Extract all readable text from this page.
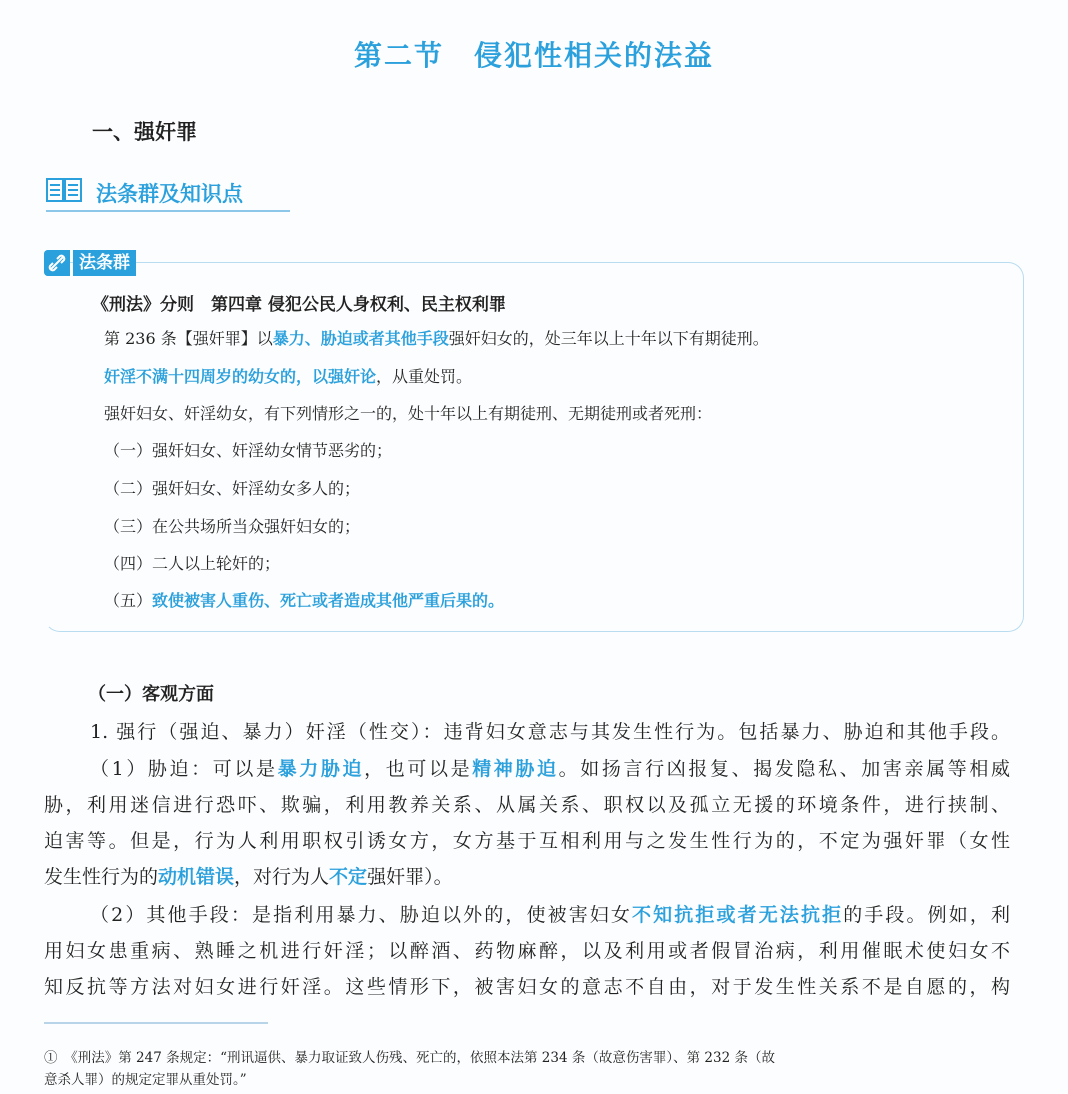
第二节　侵犯性相关的法益
一、强奸罪
法条群及知识点
法条群
《刑法》分则　第四章 侵犯公民人身权利、民主权利罪
第 236 条【强奸罪】以暴力、胁迫或者其他手段强奸妇女的，处三年以上十年以下有期徒刑。
奸淫不满十四周岁的幼女的，以强奸论，从重处罚。
强奸妇女、奸淫幼女，有下列情形之一的，处十年以上有期徒刑、无期徒刑或者死刑：
（一）强奸妇女、奸淫幼女情节恶劣的；
（二）强奸妇女、奸淫幼女多人的；
（三）在公共场所当众强奸妇女的；
（四）二人以上轮奸的；
（五）致使被害人重伤、死亡或者造成其他严重后果的。
（一）客观方面
1. 强行（强迫、暴力）奸淫（性交）：违背妇女意志与其发生性行为。包括暴力、胁迫和其他手段。
（1）胁迫：可以是暴力胁迫，也可以是精神胁迫。如扬言行凶报复、揭发隐私、加害亲属等相威
胁，利用迷信进行恐吓、欺骗，利用教养关系、从属关系、职权以及孤立无援的环境条件，进行挟制、
迫害等。但是，行为人利用职权引诱女方，女方基于互相利用与之发生性行为的，不定为强奸罪（女性
发生性行为的动机错误，对行为人不定强奸罪）。
（2）其他手段：是指利用暴力、胁迫以外的，使被害妇女不知抗拒或者无法抗拒的手段。例如，利
用妇女患重病、熟睡之机进行奸淫；以醉酒、药物麻醉，以及利用或者假冒治病，利用催眠术使妇女不
知反抗等方法对妇女进行奸淫。这些情形下，被害妇女的意志不自由，对于发生性关系不是自愿的，构
①　《刑法》第 247 条规定：“刑讯逼供、暴力取证致人伤残、死亡的，依照本法第 234 条（故意伤害罪）、第 232 条（故
意杀人罪）的规定定罪从重处罚。”
